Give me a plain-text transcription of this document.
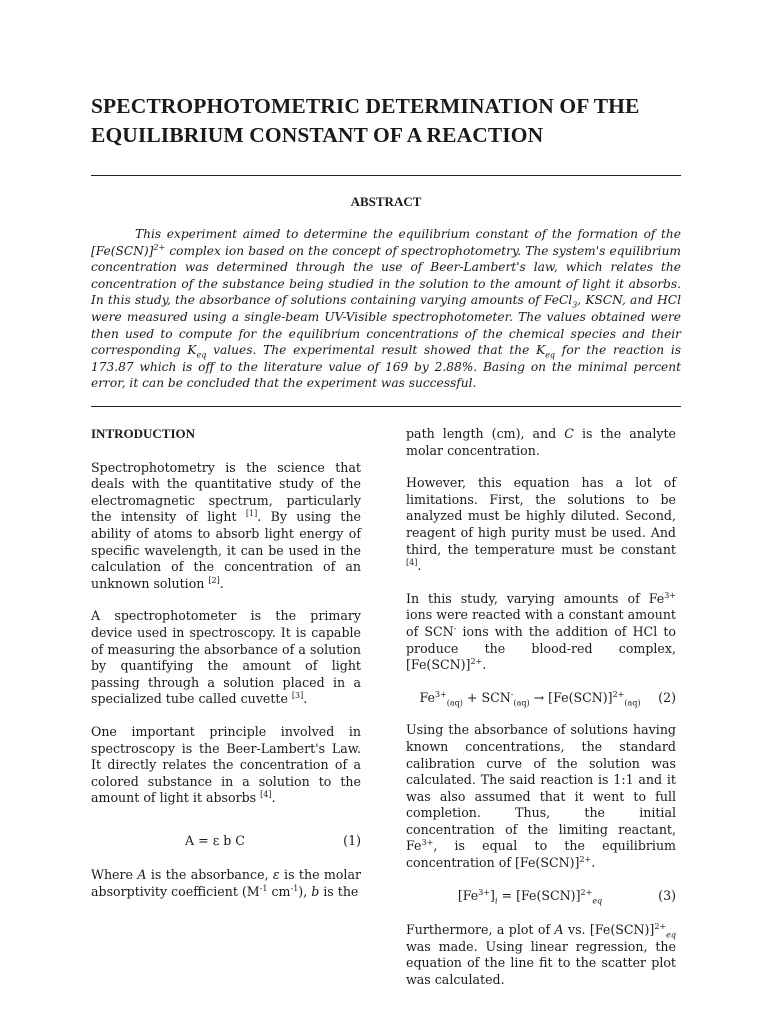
SPECTROPHOTOMETRIC DETERMINATION OF THE
EQUILIBRIUM CONSTANT OF A REACTION
ABSTRACT

This experiment aimed to determine the equilibrium constant of the formation of the $[Fe(SCN)]^{2+}$ complex ion based on the concept of spectrophotometry. The system's equilibrium concentration was determined through the use of Beer-Lambert's law, which relates the concentration of the substance being studied in the solution to the amount of light it absorbs. In this study, the absorbance of solutions containing varying amounts of FeCl$_3$, KSCN, and HCl were measured using a single-beam UV-Visible spectrophotometer. The values obtained were then used to compute for the equilibrium concentrations of the chemical species and their corresponding $K_{eq}$ values. The experimental result showed that the $K_{eq}$ for the reaction is 173.87 which is off to the literature value of 169 by 2.88%. Basing on the minimal percent error, it can be concluded that the experiment was successful.

INTRODUCTION

Spectrophotometry is the science that deals with the quantitative study of the electromagnetic spectrum, particularly the intensity of light [1]. By using the ability of atoms to absorb light energy of specific wavelength, it can be used in the calculation of the concentration of an unknown solution [2].

A spectrophotometer is the primary device used in spectroscopy. It is capable of measuring the absorbance of a solution by quantifying the amount of light passing through a solution placed in a specialized tube called cuvette [3].

One important principle involved in spectroscopy is the Beer-Lambert's Law. It directly relates the concentration of a colored substance in a solution to the amount of light it absorbs [4].

A = ε b C	(1)

Where A is the absorbance, ε is the molar absorptivity coefficient ($M^{-1}$ $cm^{-1}$), b is the

path length (cm), and C is the analyte molar concentration.

However, this equation has a lot of limitations. First, the solutions to be analyzed must be highly diluted. Second, reagent of high purity must be used. And third, the temperature must be constant [4].

In this study, varying amounts of $Fe^{3+}$ ions were reacted with a constant amount of SCN- ions with the addition of HCl to produce the blood-red complex, $[Fe(SCN)]^{2+}$.

$Fe^{3+}_{(aq)} + SCN^-_{(aq)} \to [Fe(SCN)]^{2+}_{(aq)}$	(2)

Using the absorbance of solutions having known concentrations, the standard calibration curve of the solution was calculated. The said reaction is 1:1 and it was also assumed that it went to full completion. Thus, the initial concentration of the limiting reactant, $Fe^{3+}$, is equal to the equilibrium concentration of $[Fe(SCN)]^{2+}$.

$[Fe^{3+}]_i = [Fe(SCN)]^{2+}_{eq}$	(3)

Furthermore, a plot of A vs. $[Fe(SCN)]^{2+}_{eq}$ was made. Using linear regression, the equation of the line fit to the scatter plot was calculated.
